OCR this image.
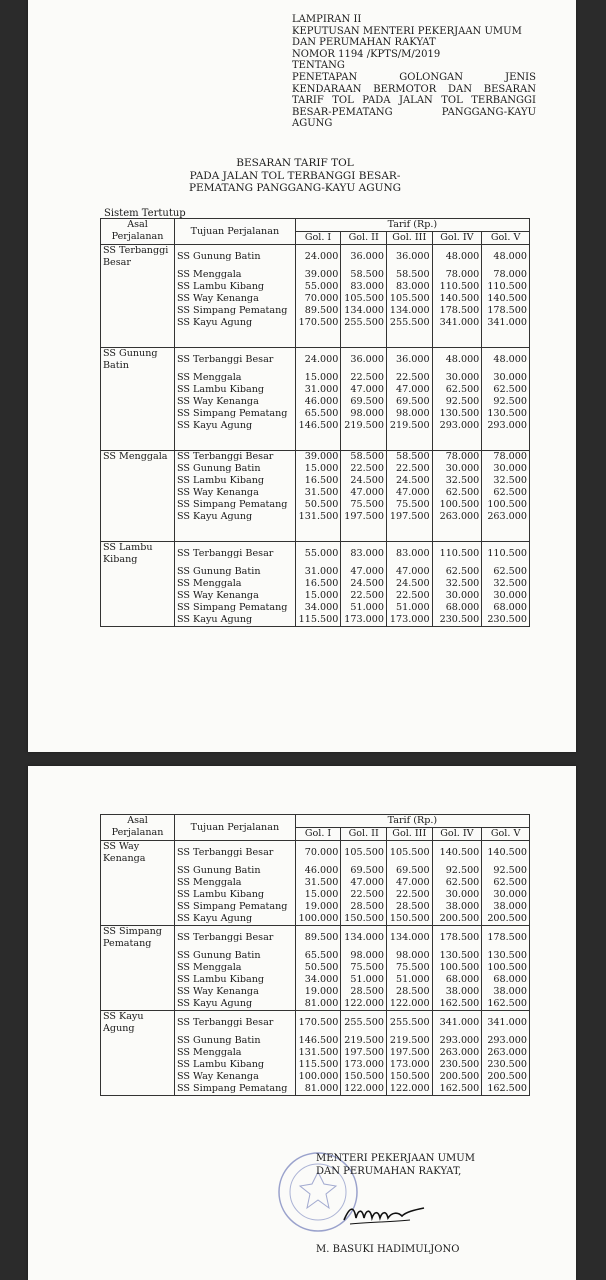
LAMPIRAN II
KEPUTUSAN MENTERI PEKERJAAN UMUM
DAN PERUMAHAN RAKYAT
NOMOR 1194 /KPTS/M/2019
TENTANG
PENETAPAN GOLONGAN JENIS
KENDARAAN BERMOTOR DAN BESARAN
TARIF TOL PADA JALAN TOL TERBANGGI
BESAR-PEMATANG PANGGANG-KAYU
AGUNG
BESARAN TARIF TOL
PADA JALAN TOL TERBANGGI BESAR-
PEMATANG PANGGANG-KAYU AGUNG
Sistem Tertutup
Asal Perjalanan	Tujuan Perjalanan	Tarif (Rp.)				
		Gol. I	Gol. II	Gol. III	Gol. IV	Gol. V
SS Terbanggi Besar	SS Gunung Batin	24.000	36.000	36.000	48.000	48.000
	SS Menggala	39.000	58.500	58.500	78.000	78.000
	SS Lambu Kibang	55.000	83.000	83.000	110.500	110.500
	SS Way Kenanga	70.000	105.500	105.500	140.500	140.500
	SS Simpang Pematang	89.500	134.000	134.000	178.500	178.500
	SS Kayu Agung	170.500	255.500	255.500	341.000	341.000

SS Gunung Batin	SS Terbanggi Besar	24.000	36.000	36.000	48.000	48.000
	SS Menggala	15.000	22.500	22.500	30.000	30.000
	SS Lambu Kibang	31.000	47.000	47.000	62.500	62.500
	SS Way Kenanga	46.000	69.500	69.500	92.500	92.500
	SS Simpang Pematang	65.500	98.000	98.000	130.500	130.500
	SS Kayu Agung	146.500	219.500	219.500	293.000	293.000

SS Menggala	SS Terbanggi Besar	39.000	58.500	58.500	78.000	78.000
	SS Gunung Batin	15.000	22.500	22.500	30.000	30.000
	SS Lambu Kibang	16.500	24.500	24.500	32.500	32.500
	SS Way Kenanga	31.500	47.000	47.000	62.500	62.500
	SS Simpang Pematang	50.500	75.500	75.500	100.500	100.500
	SS Kayu Agung	131.500	197.500	197.500	263.000	263.000

SS Lambu Kibang	SS Terbanggi Besar	55.000	83.000	83.000	110.500	110.500
	SS Gunung Batin	31.000	47.000	47.000	62.500	62.500
	SS Menggala	16.500	24.500	24.500	32.500	32.500
	SS Way Kenanga	15.000	22.500	22.500	30.000	30.000
	SS Simpang Pematang	34.000	51.000	51.000	68.000	68.000
	SS Kayu Agung	115.500	173.000	173.000	230.500	230.500
Asal Perjalanan	Tujuan Perjalanan	Tarif (Rp.)				
		Gol. I	Gol. II	Gol. III	Gol. IV	Gol. V
SS Way Kenanga	SS Terbanggi Besar	70.000	105.500	105.500	140.500	140.500
	SS Gunung Batin	46.000	69.500	69.500	92.500	92.500
	SS Menggala	31.500	47.000	47.000	62.500	62.500
	SS Lambu Kibang	15.000	22.500	22.500	30.000	30.000
	SS Simpang Pematang	19.000	28.500	28.500	38.000	38.000
	SS Kayu Agung	100.000	150.500	150.500	200.500	200.500
SS Simpang Pematang	SS Terbanggi Besar	89.500	134.000	134.000	178.500	178.500
	SS Gunung Batin	65.500	98.000	98.000	130.500	130.500
	SS Menggala	50.500	75.500	75.500	100.500	100.500
	SS Lambu Kibang	34.000	51.000	51.000	68.000	68.000
	SS Way Kenanga	19.000	28.500	28.500	38.000	38.000
	SS Kayu Agung	81.000	122.000	122.000	162.500	162.500
SS Kayu Agung	SS Terbanggi Besar	170.500	255.500	255.500	341.000	341.000
	SS Gunung Batin	146.500	219.500	219.500	293.000	293.000
	SS Menggala	131.500	197.500	197.500	263.000	263.000
	SS Lambu Kibang	115.500	173.000	173.000	230.500	230.500
	SS Way Kenanga	100.000	150.500	150.500	200.500	200.500
	SS Simpang Pematang	81.000	122.000	122.000	162.500	162.500
MENTERI PEKERJAAN UMUM
DAN PERUMAHAN RAKYAT,
M. BASUKI HADIMULJONO
